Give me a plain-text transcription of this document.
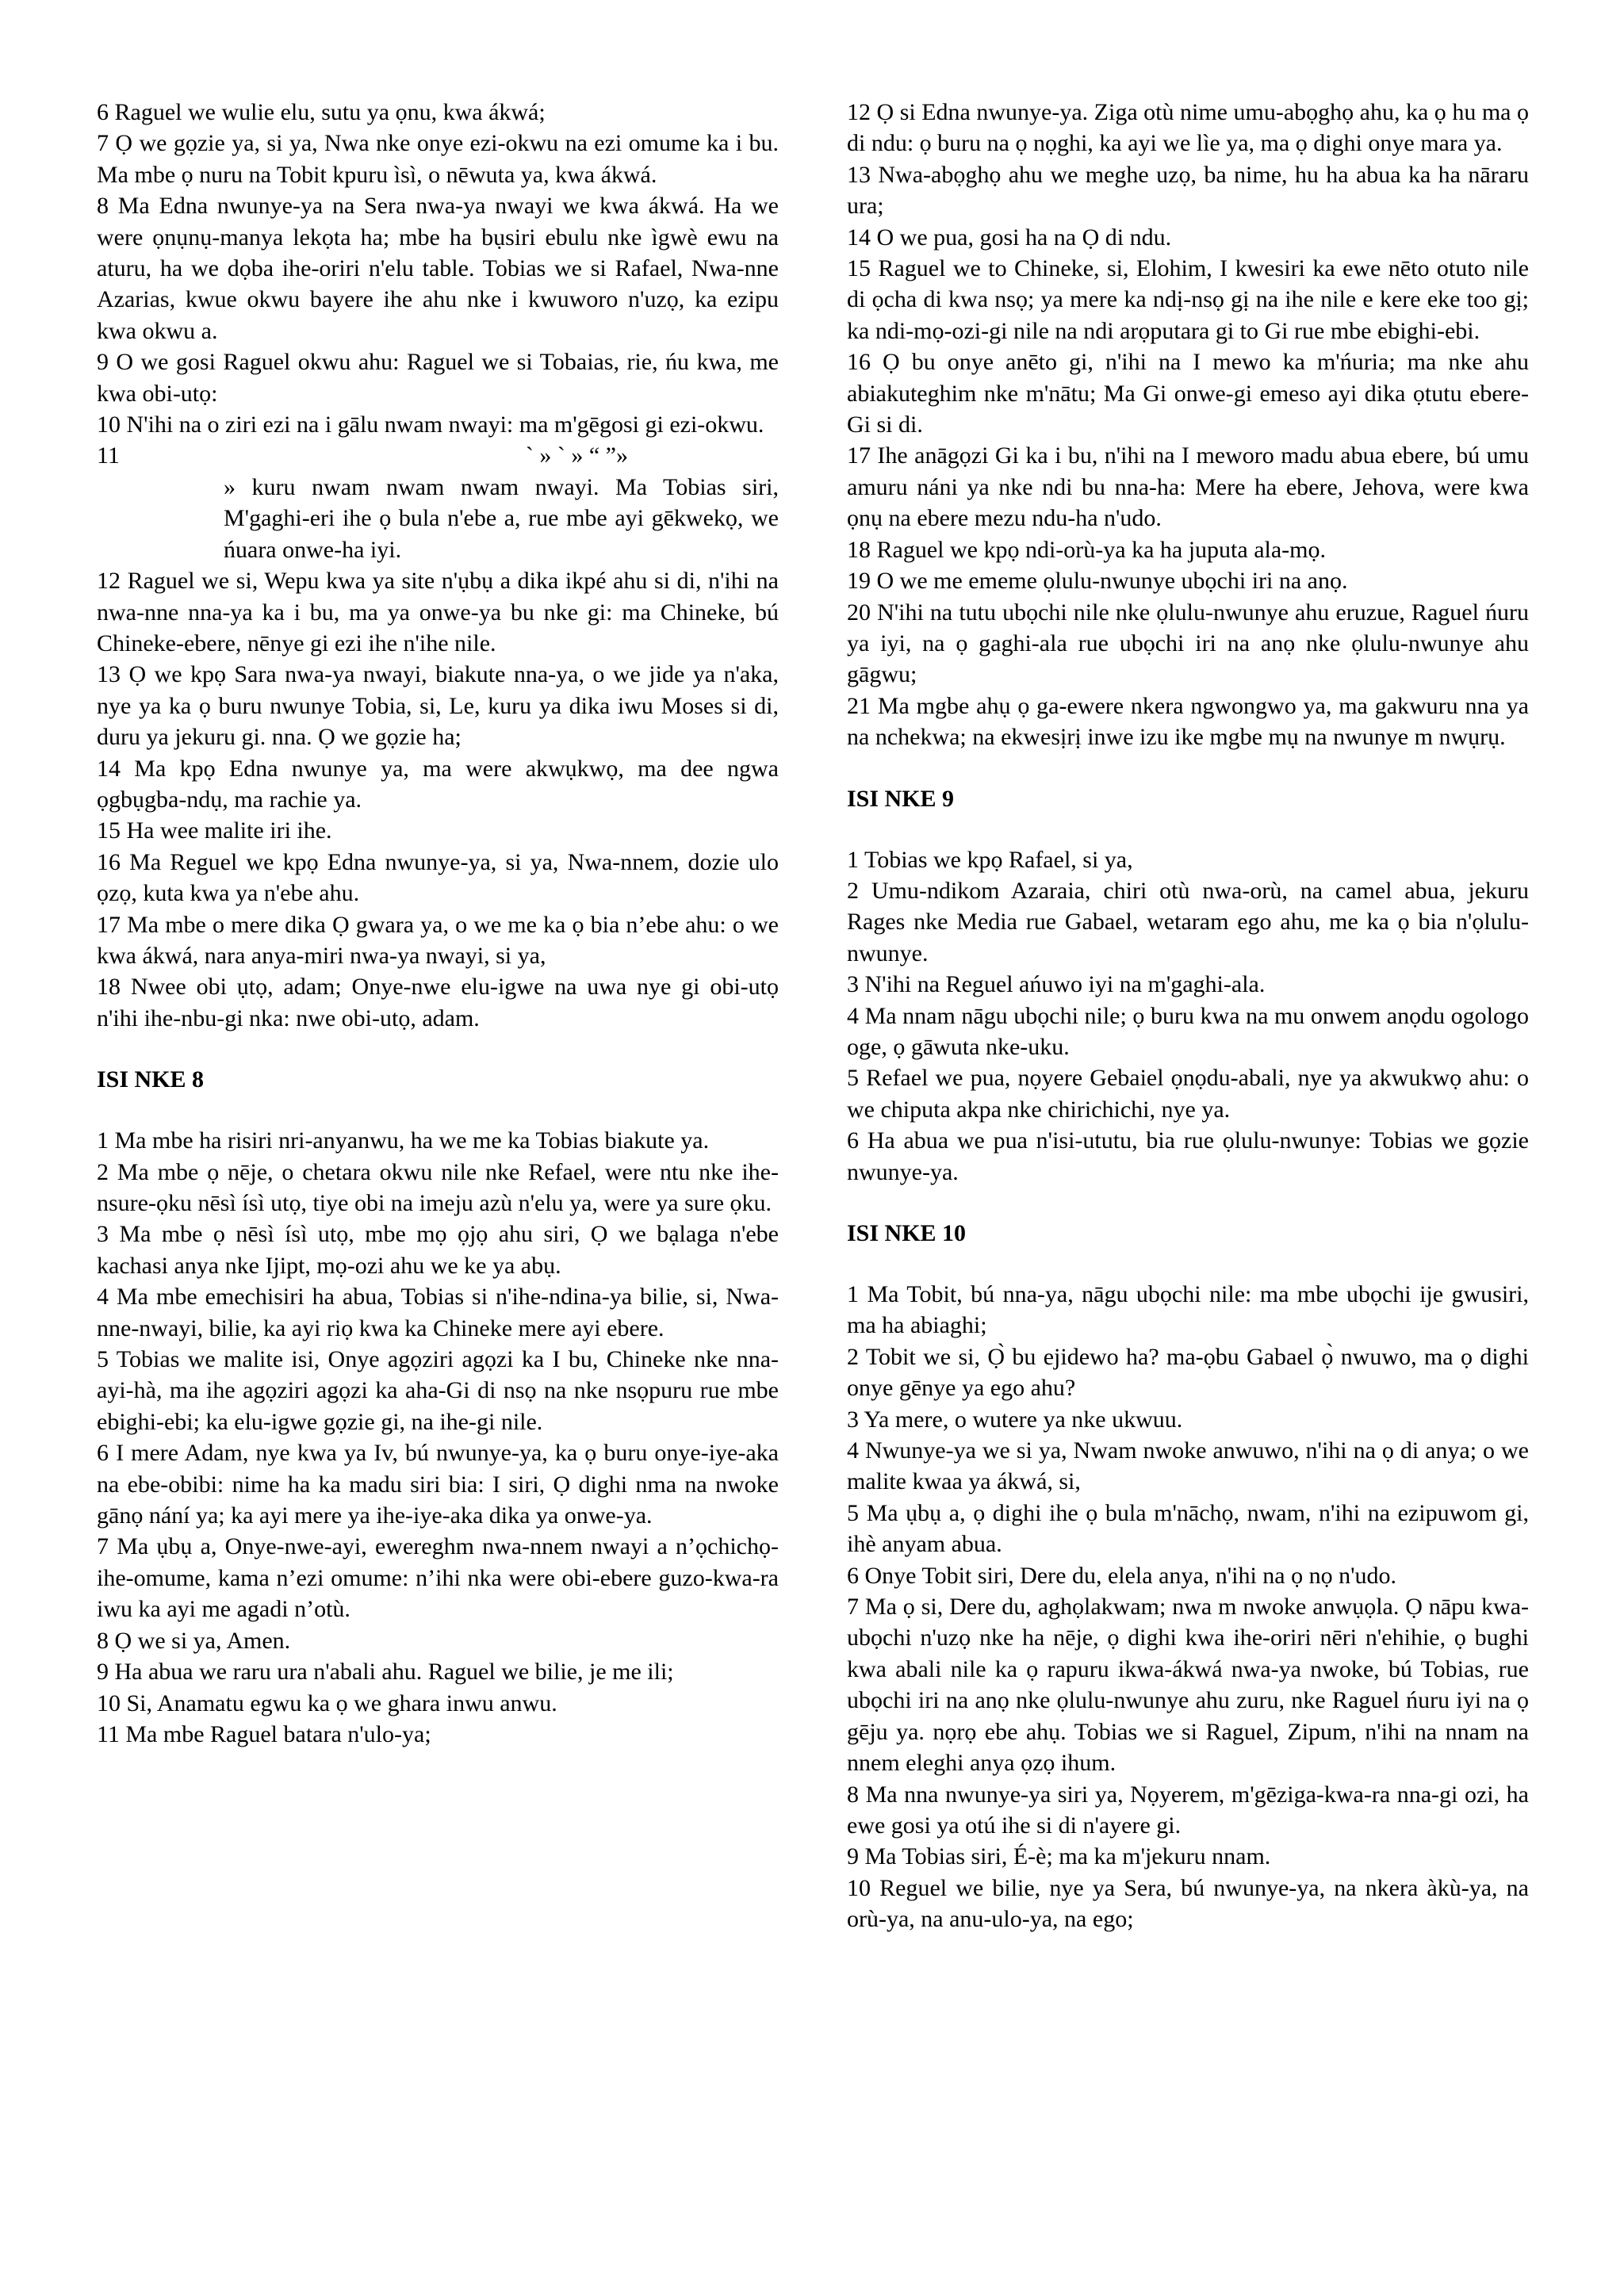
6 Raguel we wulie elu, sutu ya ọnu, kwa ákwá;

7 Ọ we gọzie ya, si ya, Nwa nke onye ezi-okwu na ezi omume ka i bu. Ma mbe ọ nuru na Tobit kpuru ìsì, o nēwuta ya, kwa ákwá.

8 Ma Edna nwunye-ya na Sera nwa-ya nwayi we kwa ákwá. Ha we were ọnụnụ-manya lekọta ha; mbe ha bụsiri ebulu nke ìgwè ewu na aturu, ha we dọba ihe-oriri n'elu table. Tobias we si Rafael, Nwa-nne Azarias, kwue okwu bayere ihe ahu nke i kwuworo n'uzọ, ka ezipu kwa okwu a.

9 O we gosi Raguel okwu ahu: Raguel we si Tobaias, rie, ńu kwa, me kwa obi-utọ:

10 N'ihi na o ziri ezi na i gālu nwam nwayi: ma m'gēgosi gi ezi-okwu.

11	` » ` » “ ”»

» kuru nwam nwam nwam nwayi. Ma Tobias siri, M'gaghi-eri ihe ọ bula n'ebe a, rue mbe ayi gēkwekọ, we ńuara onwe-ha iyi.

12 Raguel we si, Wepu kwa ya site n'ụbụ a dika ikpé ahu si di, n'ihi na nwa-nne nna-ya ka i bu, ma ya onwe-ya bu nke gi: ma Chineke, bú Chineke-ebere, nēnye gi ezi ihe n'ihe nile.

13 Ọ we kpọ Sara nwa-ya nwayi, biakute nna-ya, o we jide ya n'aka, nye ya ka ọ buru nwunye Tobia, si, Le, kuru ya dika iwu Moses si di, duru ya jekuru gi. nna. Ọ we gọzie ha;

14 Ma kpọ Edna nwunye ya, ma were akwụkwọ, ma dee ngwa ọgbụgba-ndụ, ma rachie ya.

15 Ha wee malite iri ihe.

16 Ma Reguel we kpọ Edna nwunye-ya, si ya, Nwa-nnem, dozie ulo ọzọ, kuta kwa ya n'ebe ahu.

17 Ma mbe o mere dika Ọ gwara ya, o we me ka ọ bia n’ebe ahu: o we kwa ákwá, nara anya-miri nwa-ya nwayi, si ya,

18 Nwee obi ụtọ, adam; Onye-nwe elu-igwe na uwa nye gi obi-utọ n'ihi ihe-nbu-gi nka: nwe obi-utọ, adam.

ISI NKE 8

1 Ma mbe ha risiri nri-anyanwu, ha we me ka Tobias biakute ya.

2 Ma mbe ọ nēje, o chetara okwu nile nke Refael, were ntu nke ihe-nsure-ọku nēsì ísì utọ, tiye obi na imeju azù n'elu ya, were ya sure ọku.

3 Ma mbe ọ nēsì ísì utọ, mbe mọ ọjọ ahu siri, Ọ we bạlaga n'ebe kachasi anya nke Ijipt, mọ-ozi ahu we ke ya abụ.

4 Ma mbe emechisiri ha abua, Tobias si n'ihe-ndina-ya bilie, si, Nwa-nne-nwayi, bilie, ka ayi riọ kwa ka Chineke mere ayi ebere.

5 Tobias we malite isi, Onye agọziri agọzi ka I bu, Chineke nke nna-ayi-hà, ma ihe agọziri agọzi ka aha-Gi di nsọ na nke nsọpuru rue mbe ebighi-ebi; ka elu-igwe gọzie gi, na ihe-gi nile.

6 I mere Adam, nye kwa ya Iv, bú nwunye-ya, ka ọ buru onye-iye-aka na ebe-obibi: nime ha ka madu siri bia: I siri, Ọ dighi nma na nwoke gānọ nání ya; ka ayi mere ya ihe-iye-aka dika ya onwe-ya.

7 Ma ụbụ a, Onye-nwe-ayi, ewereghm nwa-nnem nwayi a n’ọchichọ-ihe-omume, kama n’ezi omume: n’ihi nka were obi-ebere guzo-kwa-ra iwu ka ayi me agadi n’otù.

8 Ọ we si ya, Amen.

9 Ha abua we raru ura n'abali ahu. Raguel we bilie, je me ili;

10 Si, Anamatu egwu ka ọ we ghara inwu anwu.

11 Ma mbe Raguel batara n'ulo-ya;

12 Ọ si Edna nwunye-ya. Ziga otù nime umu-abọghọ ahu, ka ọ hu ma ọ di ndu: ọ buru na ọ nọghi, ka ayi we lìe ya, ma ọ dighi onye mara ya.

13 Nwa-abọghọ ahu we meghe uzọ, ba nime, hu ha abua ka ha nāraru ura;

14 O we pua, gosi ha na Ọ di ndu.

15 Raguel we to Chineke, si, Elohim, I kwesiri ka ewe nēto otuto nile di ọcha di kwa nsọ; ya mere ka ndị-nsọ gị na ihe nile e kere eke too gị; ka ndi-mọ-ozi-gi nile na ndi arọputara gi to Gi rue mbe ebighi-ebi.

16 Ọ bu onye anēto gi, n'ihi na I mewo ka m'ńuria; ma nke ahu abiakuteghim nke m'nātu; Ma Gi onwe-gi emeso ayi dika ọtutu ebere-Gi si di.

17 Ihe anāgọzi Gi ka i bu, n'ihi na I meworo madu abua ebere, bú umu amuru náni ya nke ndi bu nna-ha: Mere ha ebere, Jehova, were kwa ọnụ na ebere mezu ndu-ha n'udo.

18 Raguel we kpọ ndi-orù-ya ka ha juputa ala-mọ.

19 O we me ememe ọlulu-nwunye ubọchi iri na anọ.

20 N'ihi na tutu ubọchi nile nke ọlulu-nwunye ahu eruzue, Raguel ńuru ya iyi, na ọ gaghi-ala rue ubọchi iri na anọ nke ọlulu-nwunye ahu gāgwu;

21 Ma mgbe ahụ ọ ga-ewere nkera ngwongwo ya, ma gakwuru nna ya na nchekwa; na ekwesịrị inwe izu ike mgbe mụ na nwunye m nwụrụ.

ISI NKE 9

1 Tobias we kpọ Rafael, si ya,

2 Umu-ndikom Azaraia, chiri otù nwa-orù, na camel abua, jekuru Rages nke Media rue Gabael, wetaram ego ahu, me ka ọ bia n'ọlulu-nwunye.

3 N'ihi na Reguel ańuwo iyi na m'gaghi-ala.

4 Ma nnam nāgu ubọchi nile; ọ buru kwa na mu onwem anọdu ogologo oge, ọ gāwuta nke-uku.

5 Refael we pua, nọyere Gebaiel ọnọdu-abali, nye ya akwukwọ ahu: o we chiputa akpa nke chirichichi, nye ya.

6 Ha abua we pua n'isi-ututu, bia rue ọlulu-nwunye: Tobias we gọzie nwunye-ya.

ISI NKE 10

1 Ma Tobit, bú nna-ya, nāgu ubọchi nile: ma mbe ubọchi ije gwusiri, ma ha abiaghi;

2 Tobit we si, Ọ̀ bu ejidewo ha? ma-ọbu Gabael ọ̀ nwuwo, ma ọ dighi onye gēnye ya ego ahu?

3 Ya mere, o wutere ya nke ukwuu.

4 Nwunye-ya we si ya, Nwam nwoke anwuwo, n'ihi na ọ di anya; o we malite kwaa ya ákwá, si,

5 Ma ụbụ a, ọ dighi ihe ọ bula m'nāchọ, nwam, n'ihi na ezipuwom gi, ihè anyam abua.

6 Onye Tobit siri, Dere du, elela anya, n'ihi na ọ nọ n'udo.

7 Ma ọ si, Dere du, aghọlakwam; nwa m nwoke anwụọla. Ọ nāpu kwa-ubọchi n'uzọ nke ha nēje, ọ dighi kwa ihe-oriri nēri n'ehihie, ọ bughi kwa abali nile ka ọ rapuru ikwa-ákwá nwa-ya nwoke, bú Tobias, rue ubọchi iri na anọ nke ọlulu-nwunye ahu zuru, nke Raguel ńuru iyi na ọ gēju ya. nọrọ ebe ahụ. Tobias we si Raguel, Zipum, n'ihi na nnam na nnem eleghi anya ọzọ ihum.

8 Ma nna nwunye-ya siri ya, Nọyerem, m'gēziga-kwa-ra nna-gi ozi, ha ewe gosi ya otú ihe si di n'ayere gi.

9 Ma Tobias siri, É-è; ma ka m'jekuru nnam.

10 Reguel we bilie, nye ya Sera, bú nwunye-ya, na nkera àkù-ya, na orù-ya, na anu-ulo-ya, na ego;
